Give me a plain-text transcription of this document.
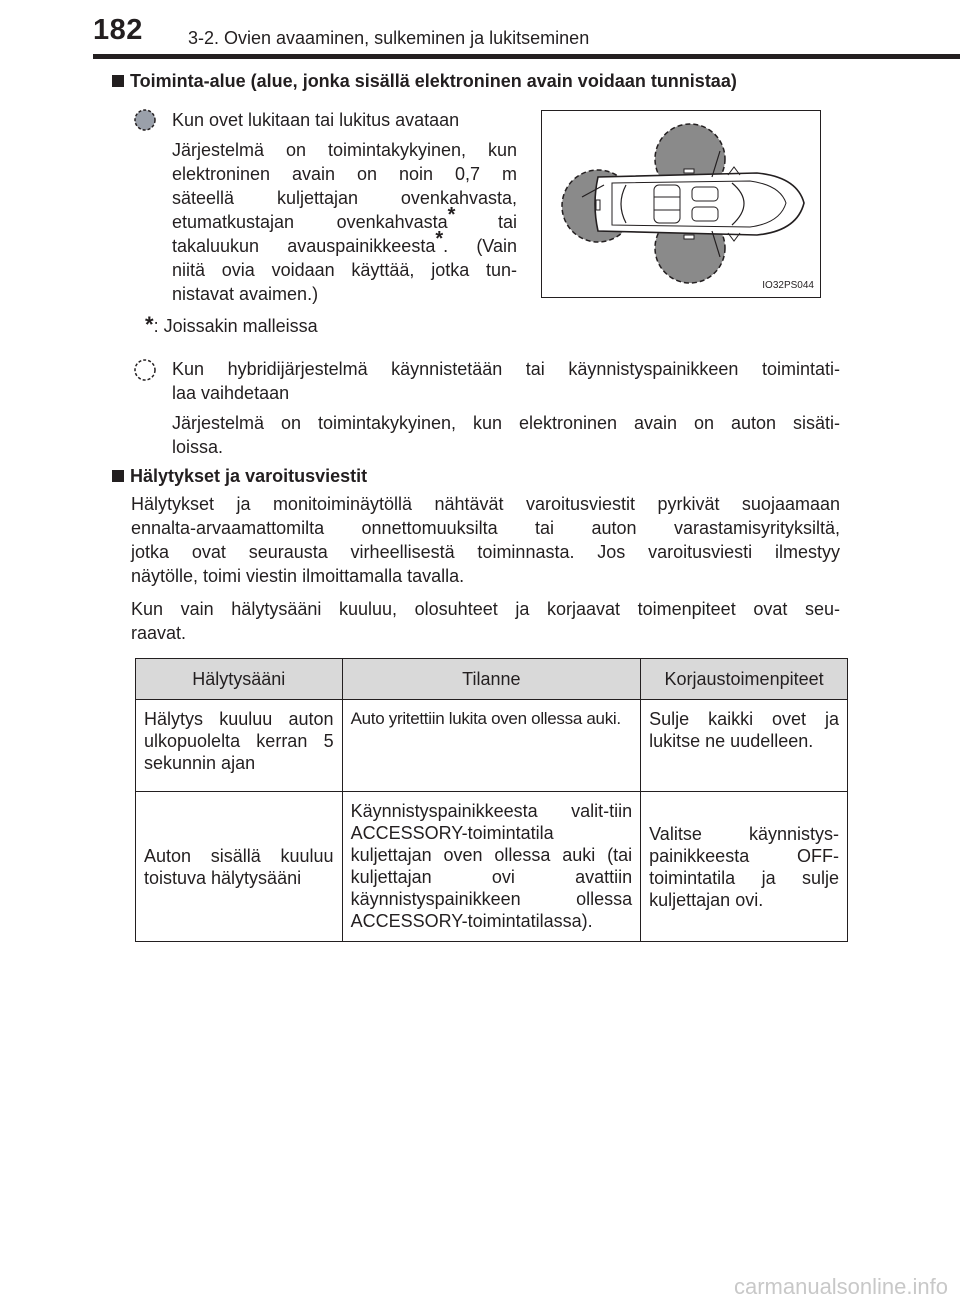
182	3-2. Ovien avaaminen, sulkeminen ja lukitseminen
Toiminta-alue (alue, jonka sisällä elektroninen avain voidaan tunnistaa)
Kun ovet lukitaan tai lukitus avataan
Järjestelmä on toimintakykyinen, kun
elektroninen avain on noin 0,7 m
säteellä kuljettajan ovenkahvasta,
etumatkustajan ovenkahvasta* tai
takaluukun avauspainikkeesta*. (Vain
niitä ovia voidaan käyttää, jotka tun-
nistavat avaimen.)	IO32PS044
*: Joissakin malleissa
Kun hybridijärjestelmä käynnistetään tai käynnistyspainikkeen toimintati-
laa vaihdetaan
Järjestelmä on toimintakykyinen, kun elektroninen avain on auton sisäti-
loissa.
Hälytykset ja varoitusviestit
Hälytykset ja monitoiminäytöllä nähtävät varoitusviestit pyrkivät suojaamaan
ennalta-arvaamattomilta onnettomuuksilta tai auton varastamisyrityksiltä,
jotka ovat seurausta virheellisestä toiminnasta. Jos varoitusviesti ilmestyy
näytölle, toimi viestin ilmoittamalla tavalla.
Kun vain hälytysääni kuuluu, olosuhteet ja korjaavat toimenpiteet ovat seu-
raavat.
Hälytysääni	Tilanne	Korjaustoimenpiteet
Hälytys kuuluu auton ulkopuolelta kerran 5 sekunnin ajan	Auto yritettiin lukita oven ollessa auki.	Sulje kaikki ovet ja lukitse ne uudelleen.
Auton sisällä kuuluu toistuva hälytysääni	Käynnistyspainikkeesta valit-tiin ACCESSORY-toimintatila kuljettajan oven ollessa auki (tai kuljettajan ovi avattiin käynnistyspainikkeen ollessa ACCESSORY-toimintatilassa).	Valitse käynnistys-painikkeesta OFF-toimintatila ja sulje kuljettajan ovi.
carmanualsonline.info
